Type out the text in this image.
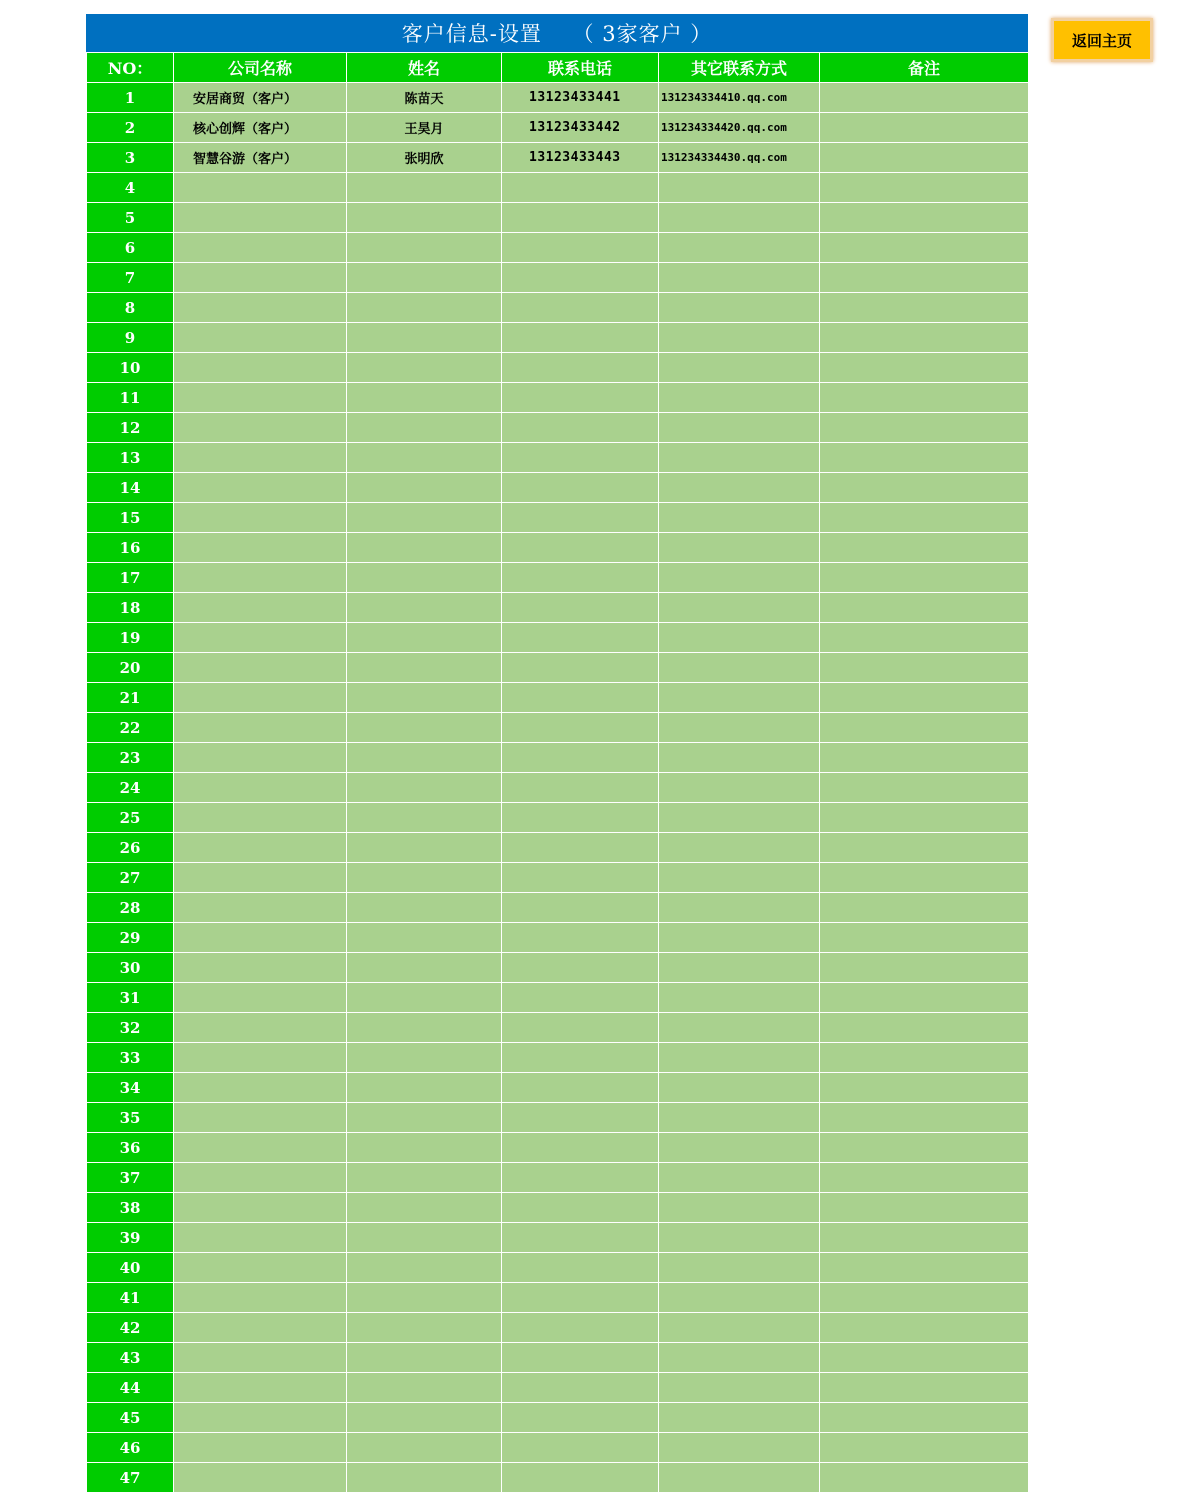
客户信息-设置    （ 3家客户 ）
NO：	公司名称	姓名	联系电话	其它联系方式	备注
1	安居商贸（客户）	陈苗天	13123433441	131234334410.qq.com	
2	核心创辉（客户）	王昊月	13123433442	131234334420.qq.com	
3	智慧谷游（客户）	张明欣	13123433443	131234334430.qq.com	
4					
5					
6					
7					
8					
9					
10					
11					
12					
13					
14					
15					
16					
17					
18					
19					
20					
21					
22					
23					
24					
25					
26					
27					
28					
29					
30					
31					
32					
33					
34					
35					
36					
37					
38					
39					
40					
41					
42					
43					
44					
45					
46					
47					
返回主页
